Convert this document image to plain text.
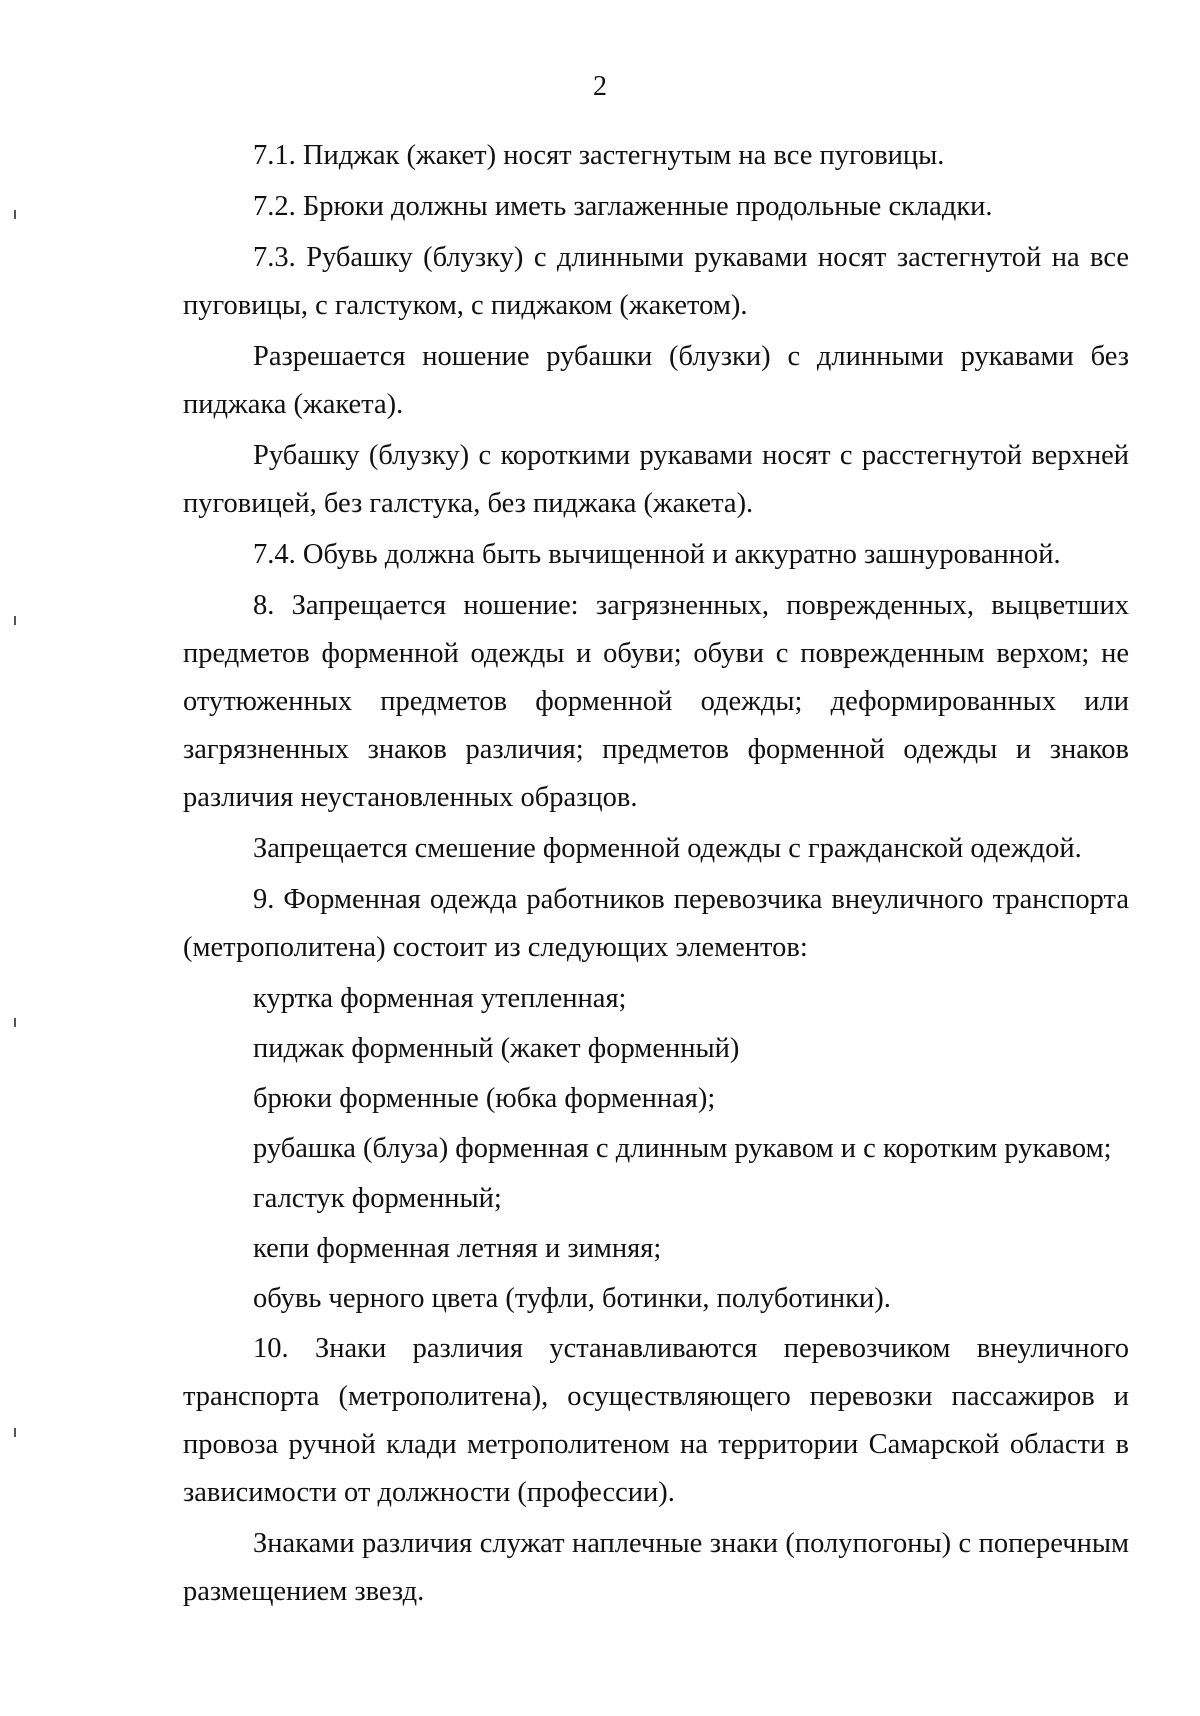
2

7.1. Пиджак (жакет) носят застегнутым на все пуговицы.

7.2. Брюки должны иметь заглаженные продольные складки.

7.3. Рубашку (блузку) с длинными рукавами носят застегнутой на все пуговицы, с галстуком, с пиджаком (жакетом).

Разрешается ношение рубашки (блузки) с длинными рукавами без пиджака (жакета).

Рубашку (блузку) с короткими рукавами носят с расстегнутой верхней пуговицей, без галстука, без пиджака (жакета).

7.4. Обувь должна быть вычищенной и аккуратно зашнурованной.

8. Запрещается ношение: загрязненных, поврежденных, выцветших предметов форменной одежды и обуви; обуви с поврежденным верхом; не отутюженных предметов форменной одежды; деформированных или загрязненных знаков различия; предметов форменной одежды и знаков различия неустановленных образцов.

Запрещается смешение форменной одежды с гражданской одеждой.

9. Форменная одежда работников перевозчика внеуличного транспорта (метрополитена) состоит из следующих элементов:

куртка форменная утепленная;

пиджак форменный (жакет форменный)

брюки форменные (юбка форменная);

рубашка (блуза) форменная с длинным рукавом и с коротким рукавом;

галстук форменный;

кепи форменная летняя и зимняя;

обувь черного цвета (туфли, ботинки, полуботинки).

10. Знаки различия устанавливаются перевозчиком внеуличного транспорта (метрополитена), осуществляющего перевозки пассажиров и провоза ручной клади метрополитеном на территории Самарской области в зависимости от должности (профессии).

Знаками различия служат наплечные знаки (полупогоны) с поперечным размещением звезд.
